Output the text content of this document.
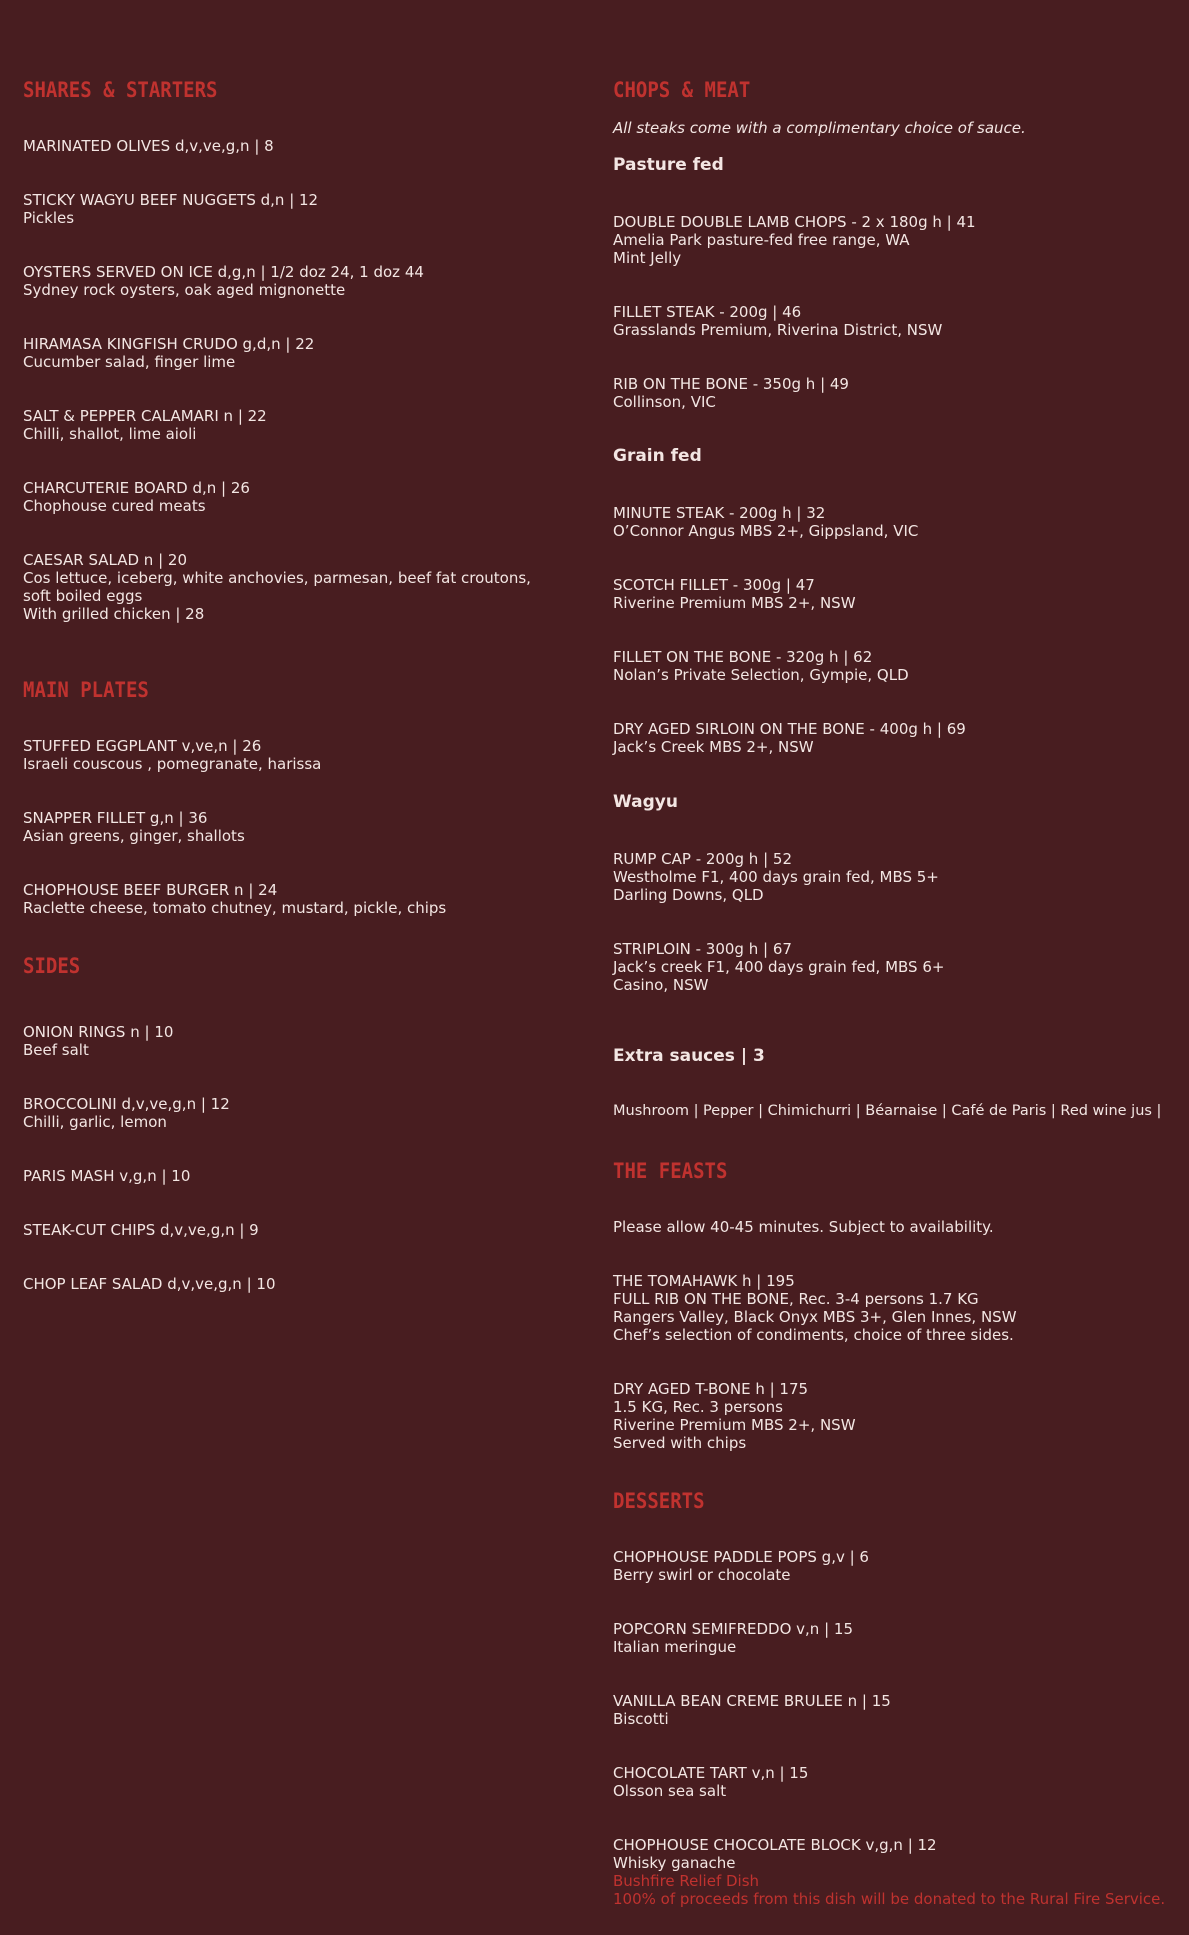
SHARES & STARTERS
MARINATED OLIVES d,v,ve,g,n | 8
STICKY WAGYU BEEF NUGGETS d,n | 12
Pickles
OYSTERS SERVED ON ICE d,g,n | 1/2 doz 24, 1 doz 44
Sydney rock oysters, oak aged mignonette
HIRAMASA KINGFISH CRUDO g,d,n | 22
Cucumber salad, finger lime
SALT & PEPPER CALAMARI n | 22
Chilli, shallot, lime aioli
CHARCUTERIE BOARD d,n | 26
Chophouse cured meats
CAESAR SALAD n | 20
Cos lettuce, iceberg, white anchovies, parmesan, beef fat croutons, soft boiled eggs
With grilled chicken | 28
MAIN PLATES
STUFFED EGGPLANT v,ve,n | 26
Israeli couscous , pomegranate, harissa
SNAPPER FILLET g,n | 36
Asian greens, ginger, shallots
CHOPHOUSE BEEF BURGER n | 24
Raclette cheese, tomato chutney, mustard, pickle, chips
SIDES
ONION RINGS n | 10
Beef salt
BROCCOLINI d,v,ve,g,n | 12
Chilli, garlic, lemon
PARIS MASH v,g,n | 10
STEAK-CUT CHIPS d,v,ve,g,n | 9
CHOP LEAF SALAD d,v,ve,g,n | 10
CHOPS & MEAT
All steaks come with a complimentary choice of sauce.
Pasture fed
DOUBLE DOUBLE LAMB CHOPS - 2 x 180g h | 41
Amelia Park pasture-fed free range, WA
Mint Jelly
FILLET STEAK - 200g | 46
Grasslands Premium, Riverina District, NSW
RIB ON THE BONE - 350g h | 49
Collinson, VIC
Grain fed
MINUTE STEAK - 200g h | 32
O’Connor Angus MBS 2+, Gippsland, VIC
SCOTCH FILLET - 300g | 47
Riverine Premium MBS 2+, NSW
FILLET ON THE BONE - 320g h | 62
Nolan’s Private Selection, Gympie, QLD
DRY AGED SIRLOIN ON THE BONE - 400g h | 69
Jack’s Creek MBS 2+, NSW
Wagyu
RUMP CAP - 200g h | 52
Westholme F1, 400 days grain fed, MBS 5+
Darling Downs, QLD
STRIPLOIN - 300g h | 67
Jack’s creek F1, 400 days grain fed, MBS 6+
Casino, NSW
Extra sauces | 3
Mushroom | Pepper | Chimichurri | Béarnaise | Café de Paris | Red wine jus |
THE FEASTS
Please allow 40-45 minutes. Subject to availability.
THE TOMAHAWK h | 195
FULL RIB ON THE BONE, Rec. 3-4 persons 1.7 KG
Rangers Valley, Black Onyx MBS 3+, Glen Innes, NSW
Chef’s selection of condiments, choice of three sides.
DRY AGED T-BONE h | 175
1.5 KG, Rec. 3 persons
Riverine Premium MBS 2+, NSW
Served with chips
DESSERTS
CHOPHOUSE PADDLE POPS g,v | 6
Berry swirl or chocolate
POPCORN SEMIFREDDO v,n | 15
Italian meringue
VANILLA BEAN CREME BRULEE n | 15
Biscotti
CHOCOLATE TART v,n | 15
Olsson sea salt
CHOPHOUSE CHOCOLATE BLOCK v,g,n | 12
Whisky ganache
Bushfire Relief Dish
100% of proceeds from this dish will be donated to the Rural Fire Service.
